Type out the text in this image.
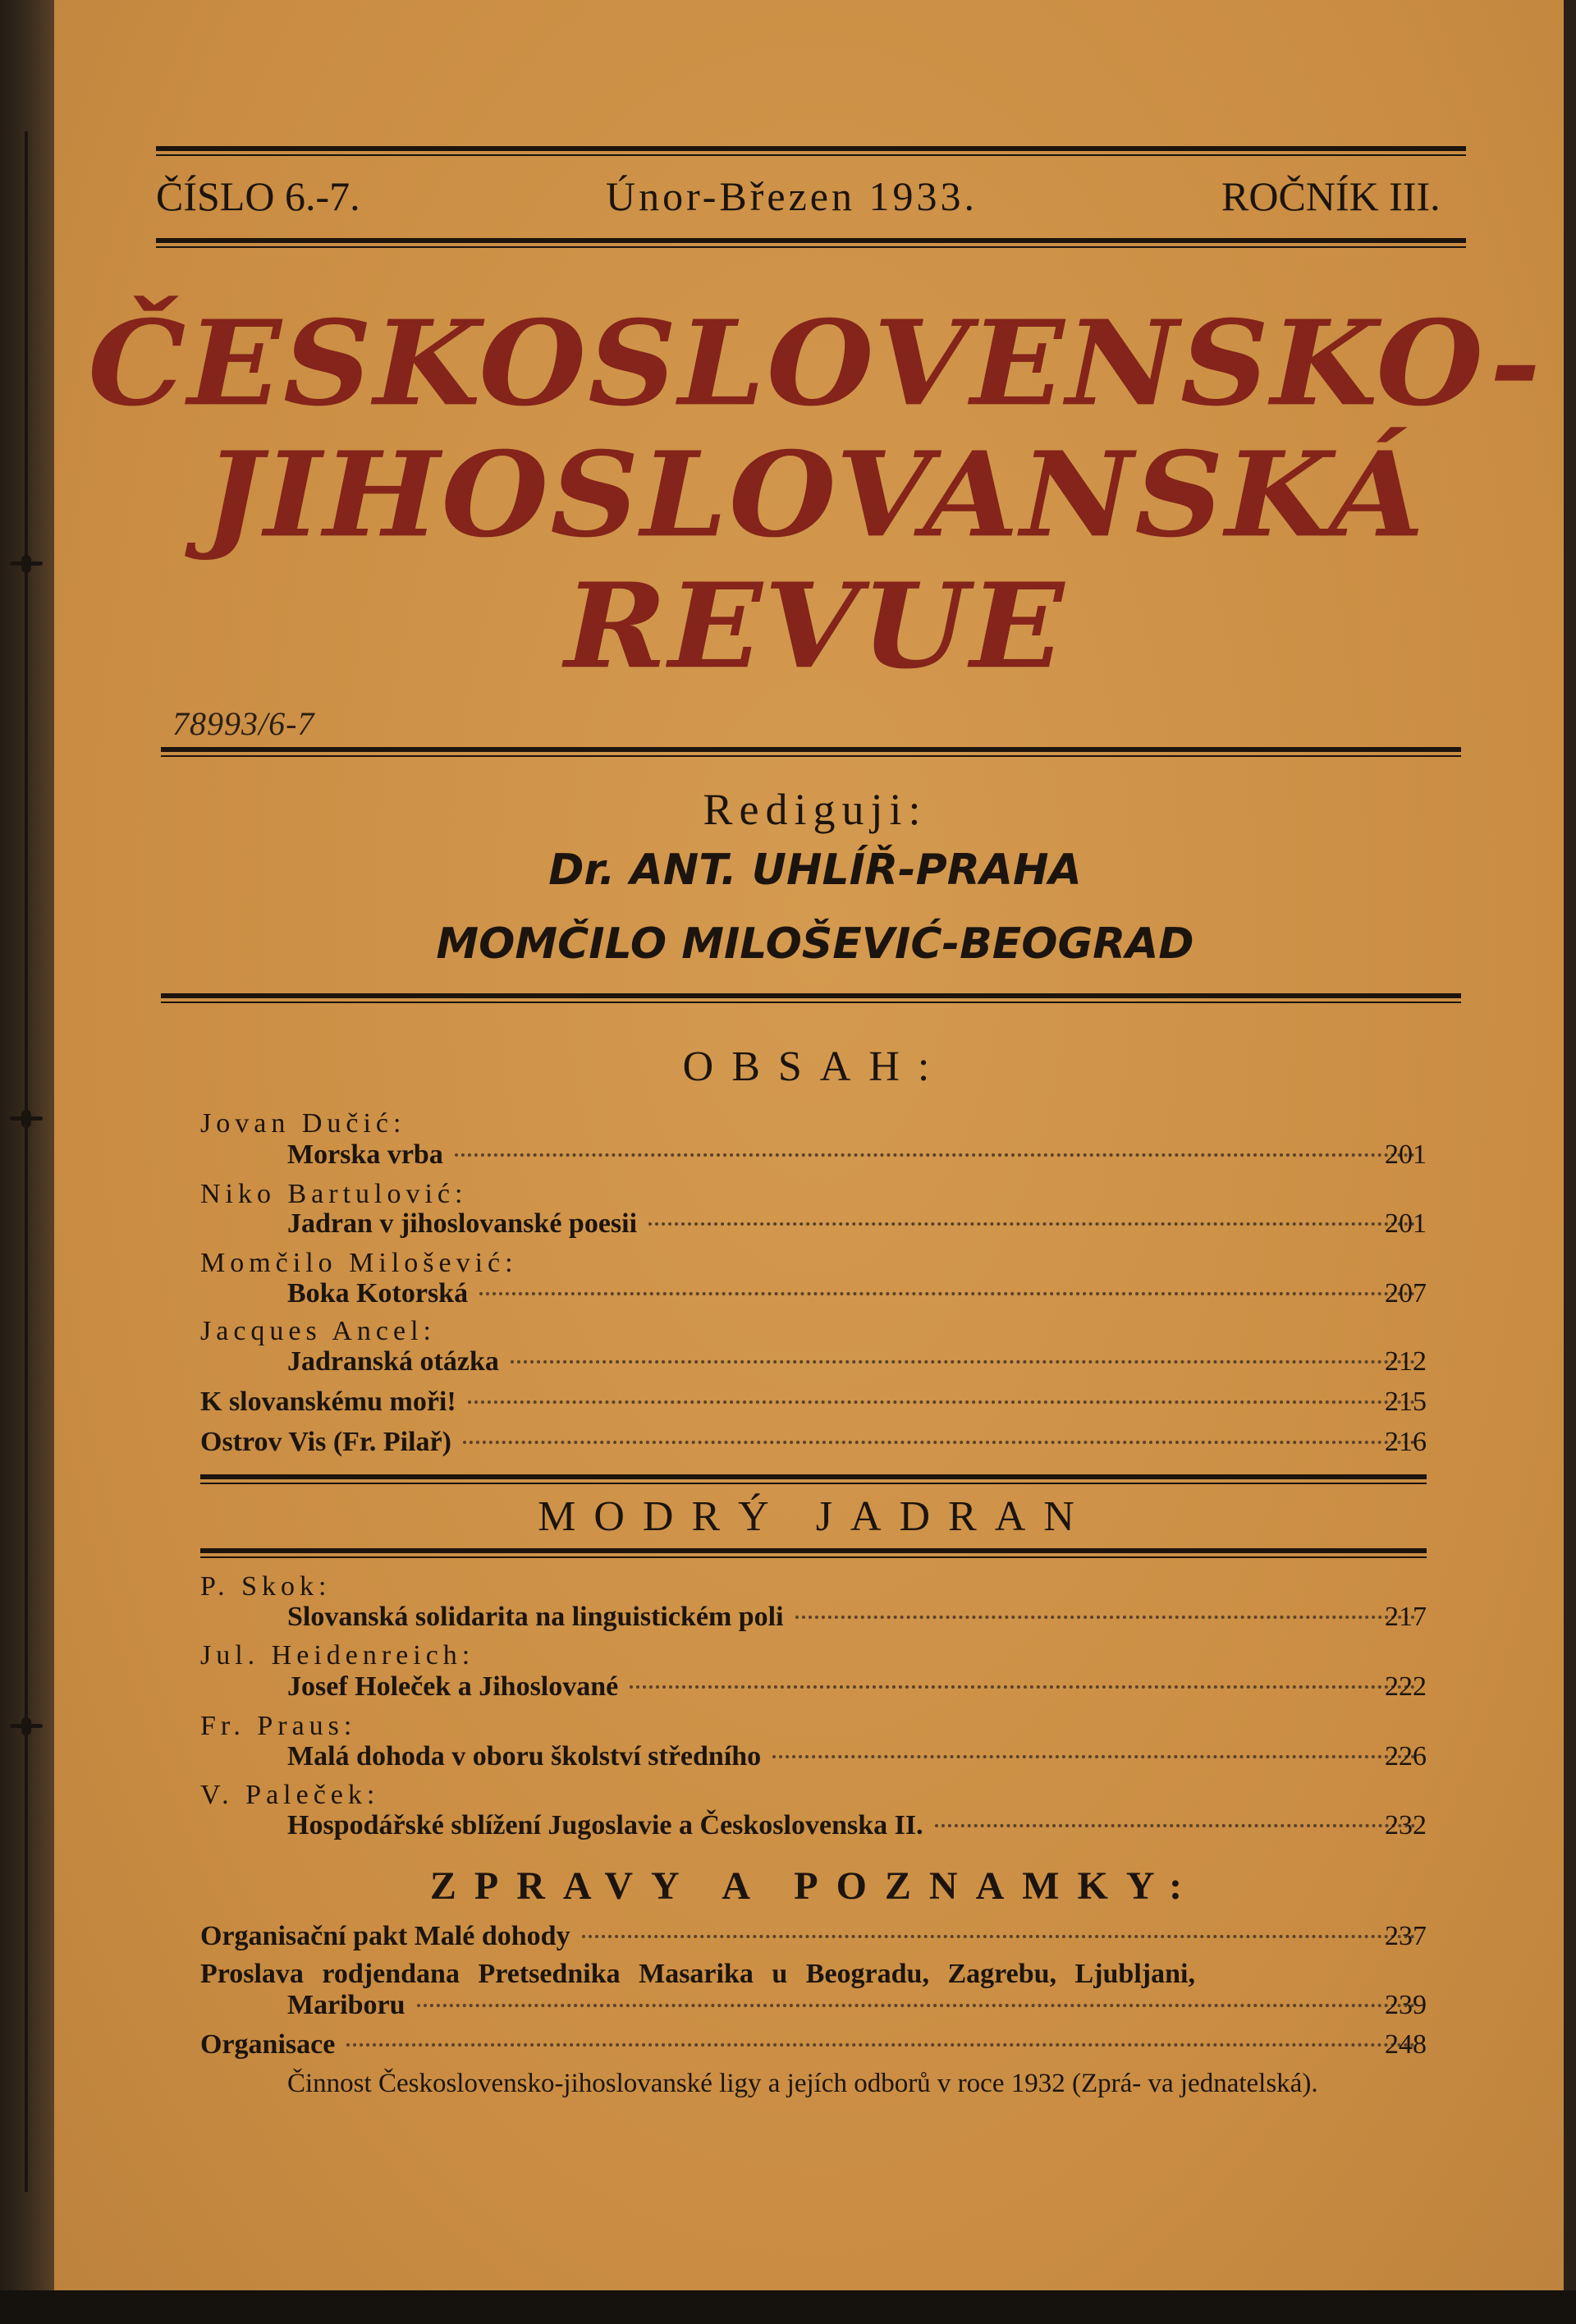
ČÍSLO 6.-7.	Únor-Březen 1933.	ROČNÍK III.
ČESKOSLOVENSKO-
JIHOSLOVANSKÁ
REVUE
78993/6-7
Rediguji:
Dr. ANT. UHLÍŘ-PRAHA
MOMČILO MILOŠEVIĆ-BEOGRAD
OBSAH:
Jovan Dučić:
Morska vrba	201
Niko Bartulović:
Jadran v jihoslovanské poesii	201
Momčilo Milošević:
Boka Kotorská	207
Jacques Ancel:
Jadranská otázka	212
K slovanskému moři!	215
Ostrov Vis (Fr. Pilař)	216
MODRÝ JADRAN
P. Skok:
Slovanská solidarita na linguistickém poli	217
Jul. Heidenreich:
Josef Holeček a Jihoslované	222
Fr. Praus:
Malá dohoda v oboru školství středního	226
V. Paleček:
Hospodářské sblížení Jugoslavie a Československa II.	232
ZPRAVY A POZNAMKY:
Organisační pakt Malé dohody	237
Proslava rodjendana Pretsednika Masarika u Beogradu, Zagrebu, Ljubljani,
Mariboru	239
Organisace	248
Činnost Československo-jihoslovanské ligy a jejích odborů v roce 1932 (Zprá- va jednatelská).
